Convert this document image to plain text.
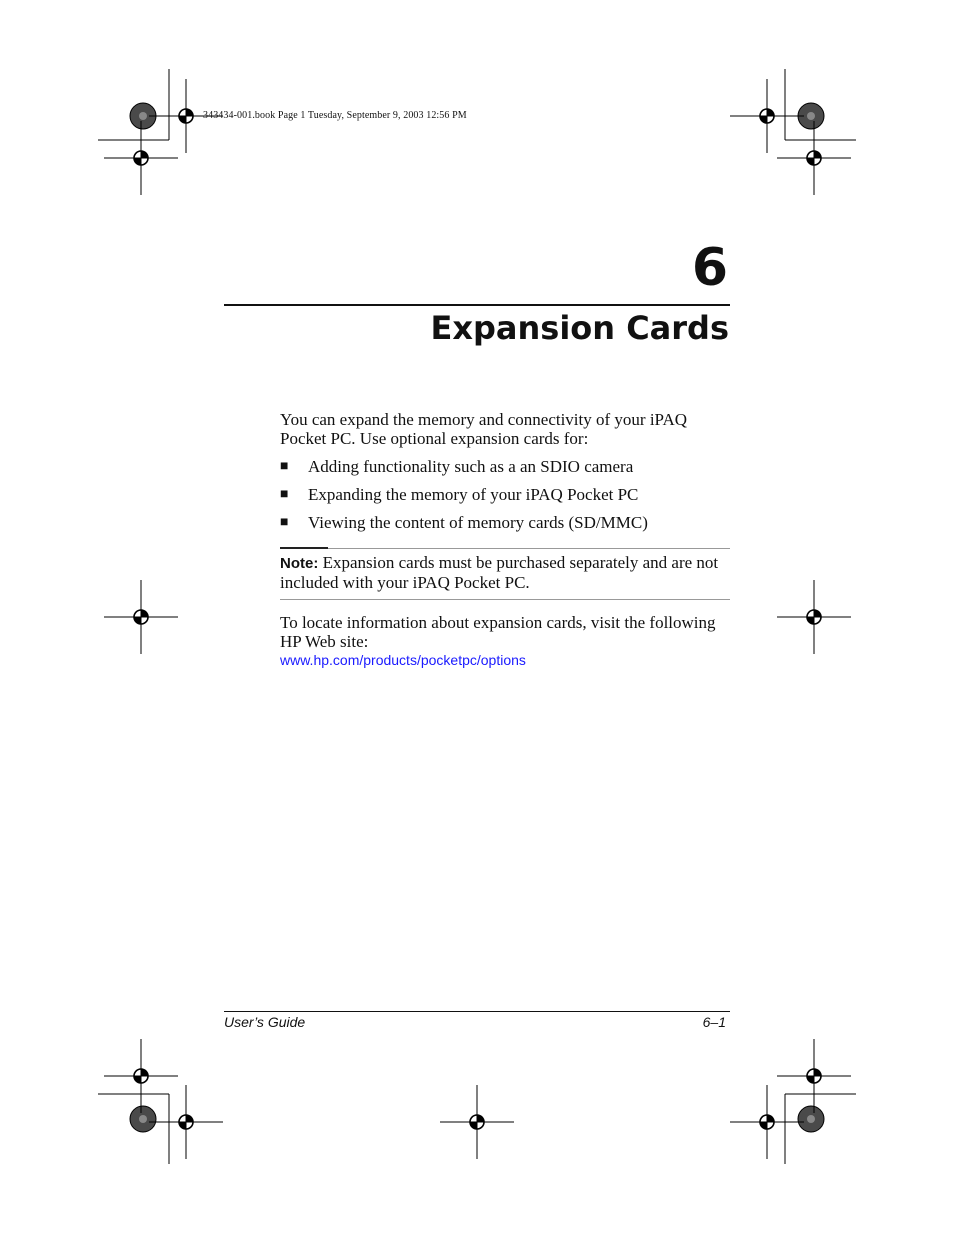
343434-001.book Page 1 Tuesday, September 9, 2003 12:56 PM
6
Expansion Cards

You can expand the memory and connectivity of your iPAQ Pocket PC. Use optional expansion cards for:

■	Adding functionality such as a an SDIO camera
■	Expanding the memory of your iPAQ Pocket PC
■	Viewing the content of memory cards (SD/MMC)
Note: Expansion cards must be purchased separately and are not included with your iPAQ Pocket PC.

To locate information about expansion cards, visit the following HP Web site:

www.hp.com/products/pocketpc/options
User’s Guide	6–1
